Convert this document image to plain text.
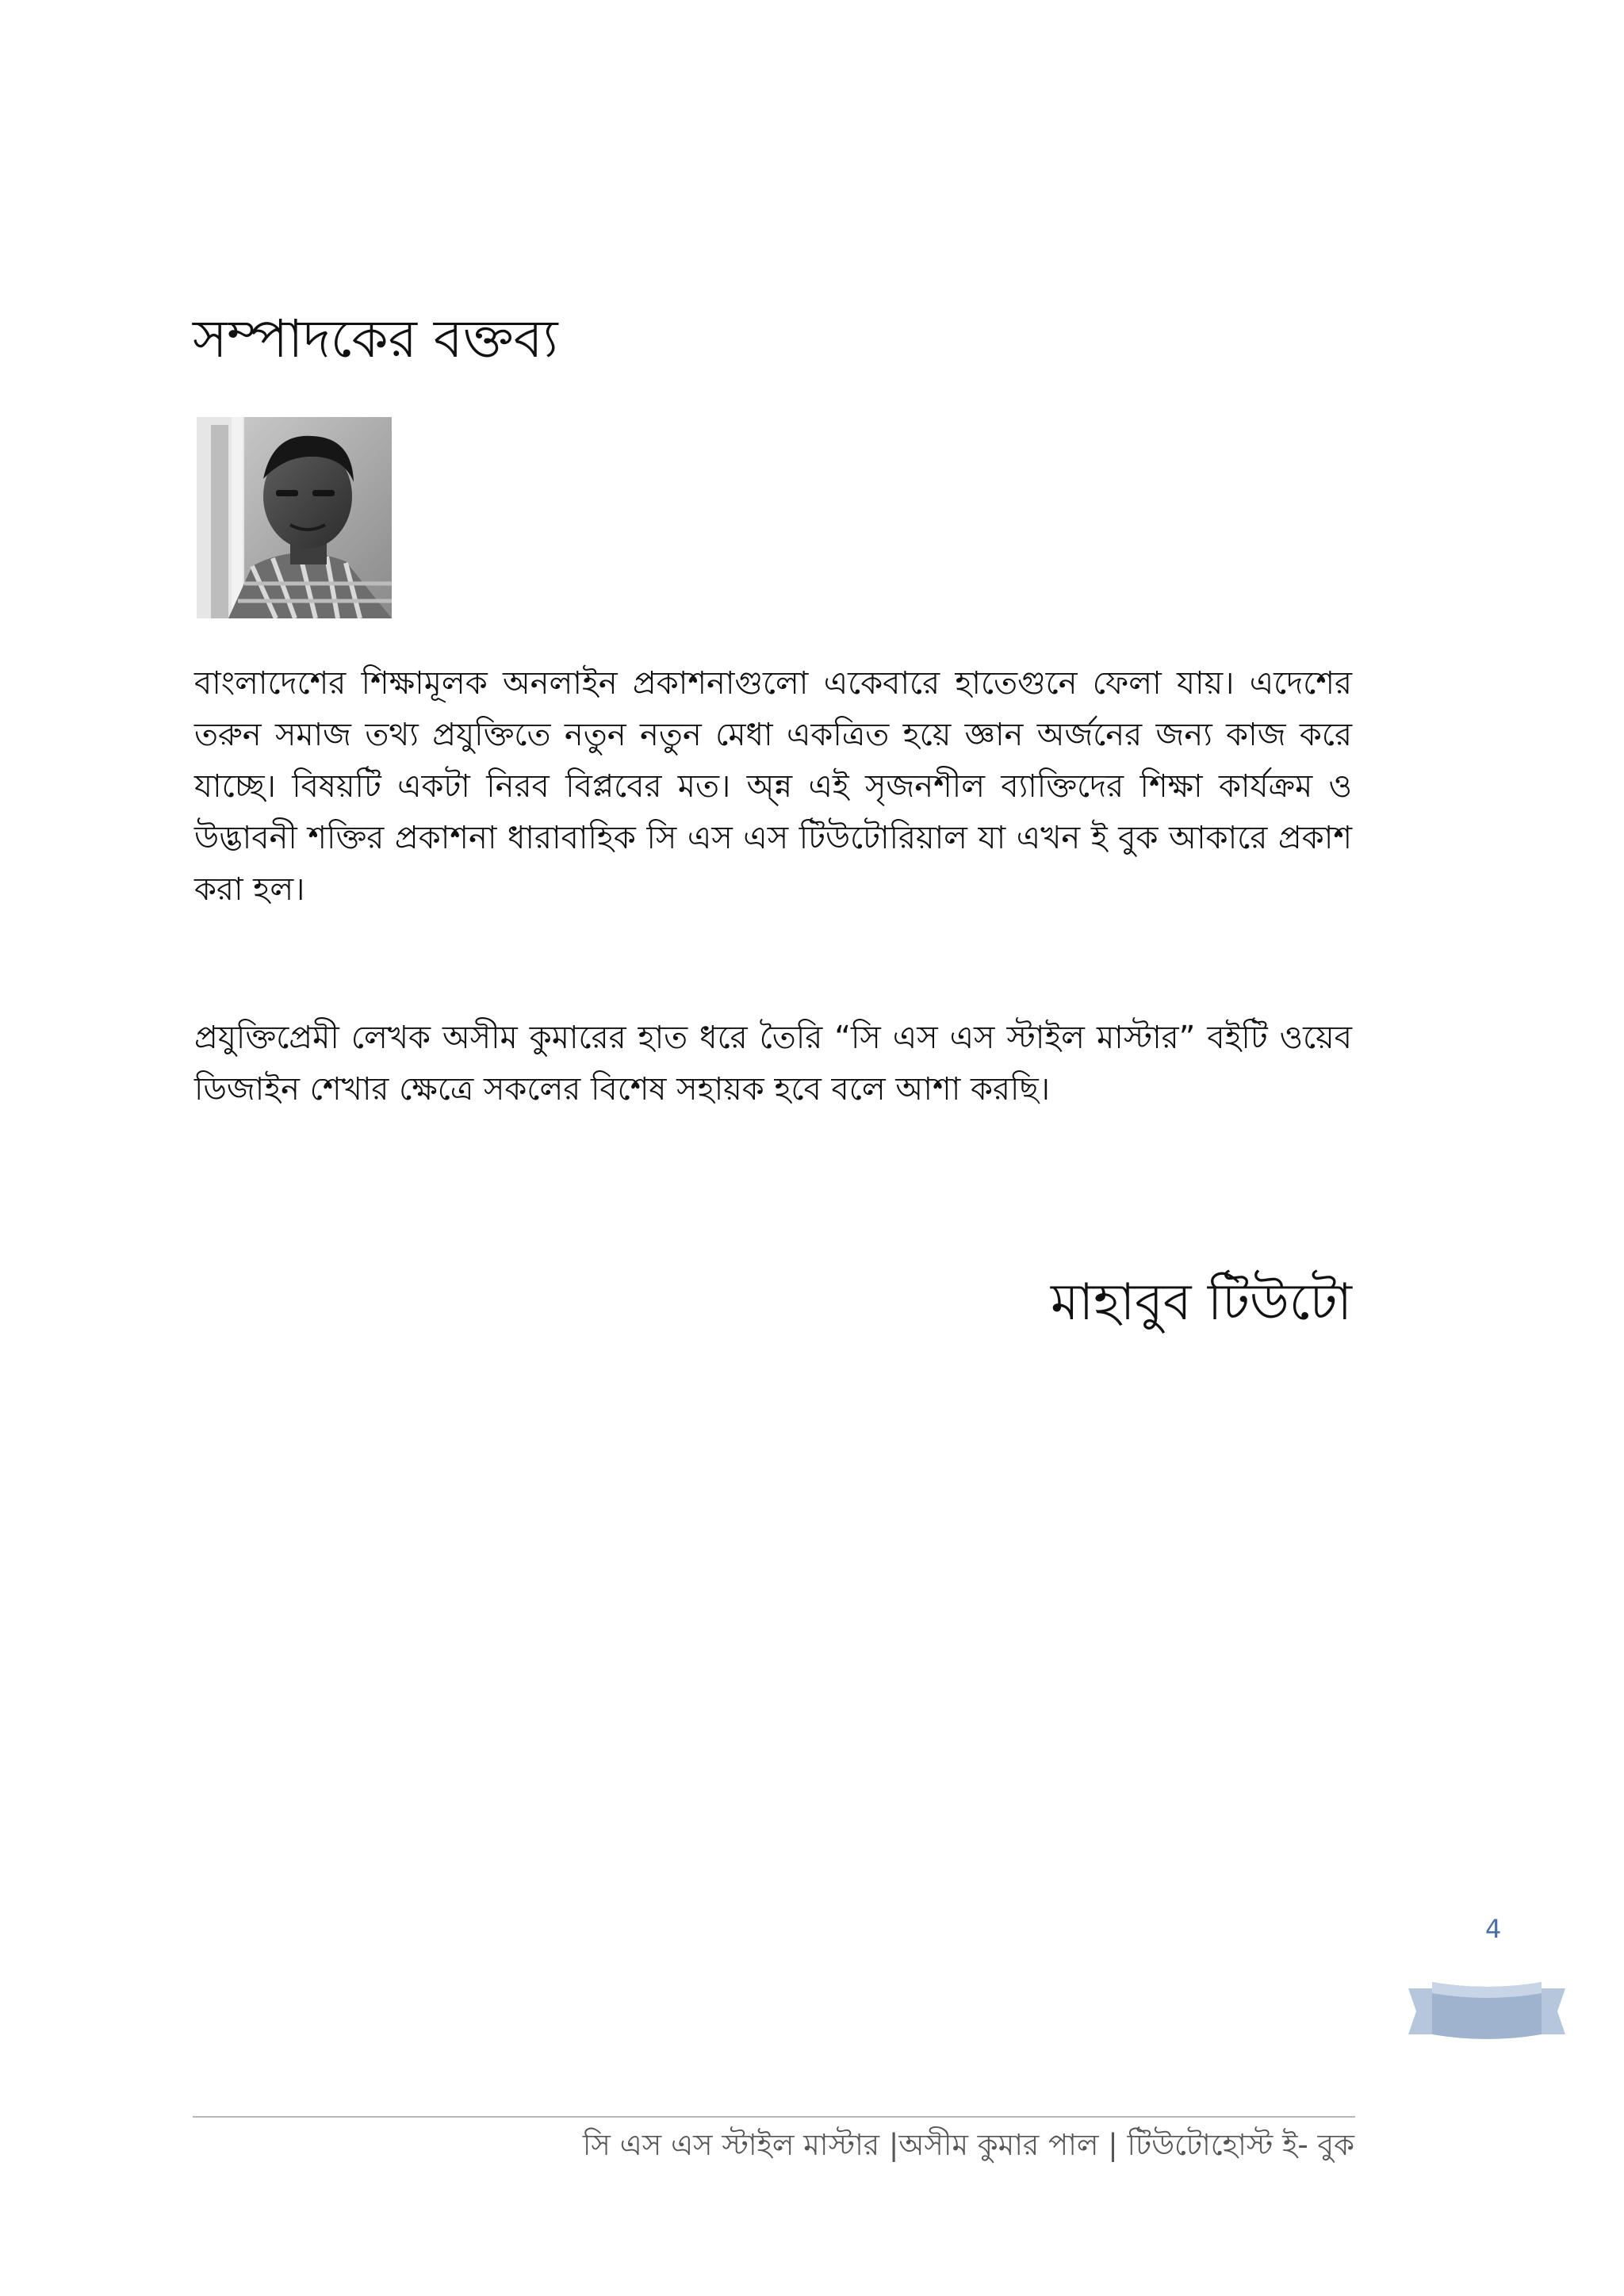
সম্পাদকের বক্তব্য

বাংলাদেশের শিক্ষামূলক অনলাইন প্রকাশনাগুলো একেবারে হাতেগুনে ফেলা যায়। এদেশের তরুন সমাজ তথ্য প্রযুক্তিতে নতুন নতুন মেধা একত্রিত হয়ে জ্ঞান অর্জনের জন্য কাজ করে যাচ্ছে। বিষয়টি একটা নিরব বিপ্লবের মত। অ্ন্ন এই সৃজনশীল ব্যাক্তিদের শিক্ষা কার্যক্রম ও উদ্ভাবনী শক্তির প্রকাশনা ধারাবাহিক সি এস এস টিউটোরিয়াল যা এখন ই বুক আকারে প্রকাশ করা হল।

প্রযুক্তিপ্রেমী লেখক অসীম কুমারের হাত ধরে তৈরি “সি এস এস স্টাইল মাস্টার” বইটি ওয়েব ডিজাইন শেখার ক্ষেত্রে সকলের বিশেষ সহায়ক হবে বলে আশা করছি।

মাহাবুব টিউটো

4
সি এস এস স্টাইল মাস্টার |অসীম কুমার পাল | টিউটোহোস্ট ই- বুক
